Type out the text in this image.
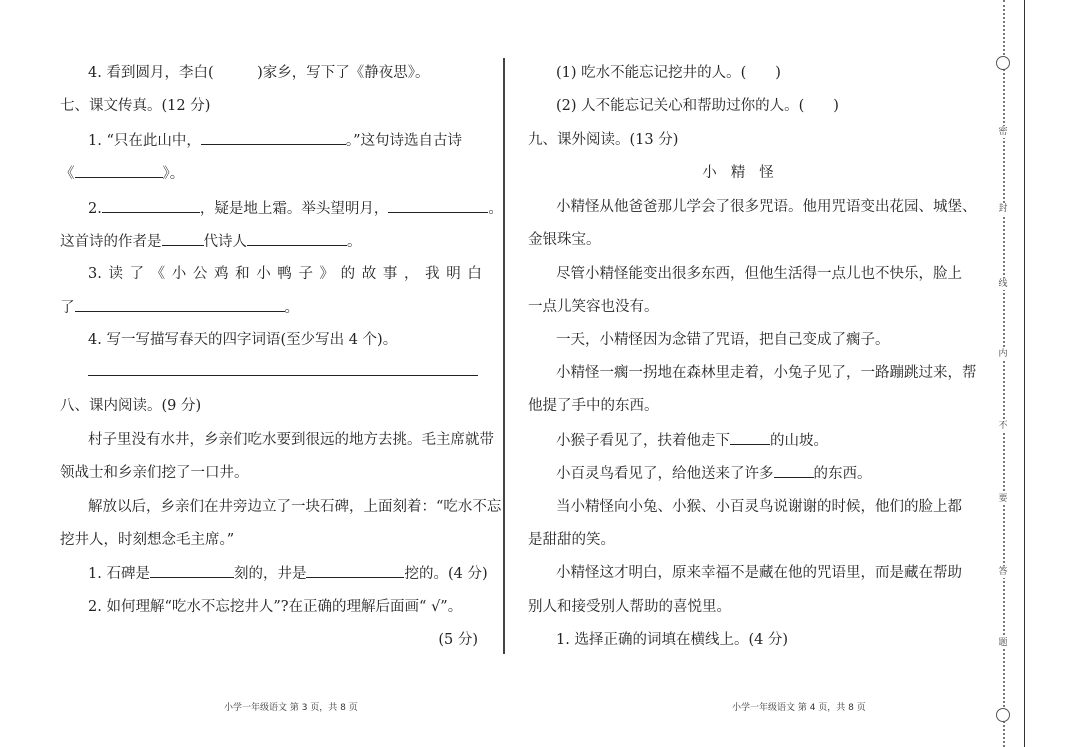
4. 看到圆月，李白(　　　)家乡，写下了《静夜思》。
七、课文传真。(12 分)
1. “只在此山中，	。”这句诗选自古诗
《	》。
2.	，疑是地上霜。举头望明月，	。
这首诗的作者是	代诗人	。
3. 读 了 《 小 公 鸡 和 小 鸭 子 》 的 故 事 ， 我 明 白
了	。
4. 写一写描写春天的四字词语(至少写出 4 个)。
八、课内阅读。(9 分)
村子里没有水井，乡亲们吃水要到很远的地方去挑。毛主席就带
领战士和乡亲们挖了一口井。
解放以后，乡亲们在井旁边立了一块石碑，上面刻着：“吃水不忘
挖井人，时刻想念毛主席。”
1. 石碑是	刻的，井是	挖的。(4 分)
2. 如何理解“吃水不忘挖井人”?在正确的理解后面画“ √”。
(5 分)
小学一年级语文 第 3 页，共 8 页
(1) 吃水不能忘记挖井的人。(　　)
(2) 人不能忘记关心和帮助过你的人。(　　)
九、课外阅读。(13 分)
小精怪
小精怪从他爸爸那儿学会了很多咒语。他用咒语变出花园、城堡、
金银珠宝。
尽管小精怪能变出很多东西，但他生活得一点儿也不快乐，脸上
一点儿笑容也没有。
一天，小精怪因为念错了咒语，把自己变成了瘸子。
小精怪一瘸一拐地在森林里走着，小兔子见了，一路蹦跳过来，帮
他提了手中的东西。
小猴子看见了，扶着他走下	的山坡。
小百灵鸟看见了，给他送来了许多	的东西。
当小精怪向小兔、小猴、小百灵鸟说谢谢的时候，他们的脸上都
是甜甜的笑。
小精怪这才明白，原来幸福不是藏在他的咒语里，而是藏在帮助
别人和接受别人帮助的喜悦里。
1. 选择正确的词填在横线上。(4 分)
小学一年级语文 第 4 页，共 8 页
密
封
线
内
不
要
答
题
